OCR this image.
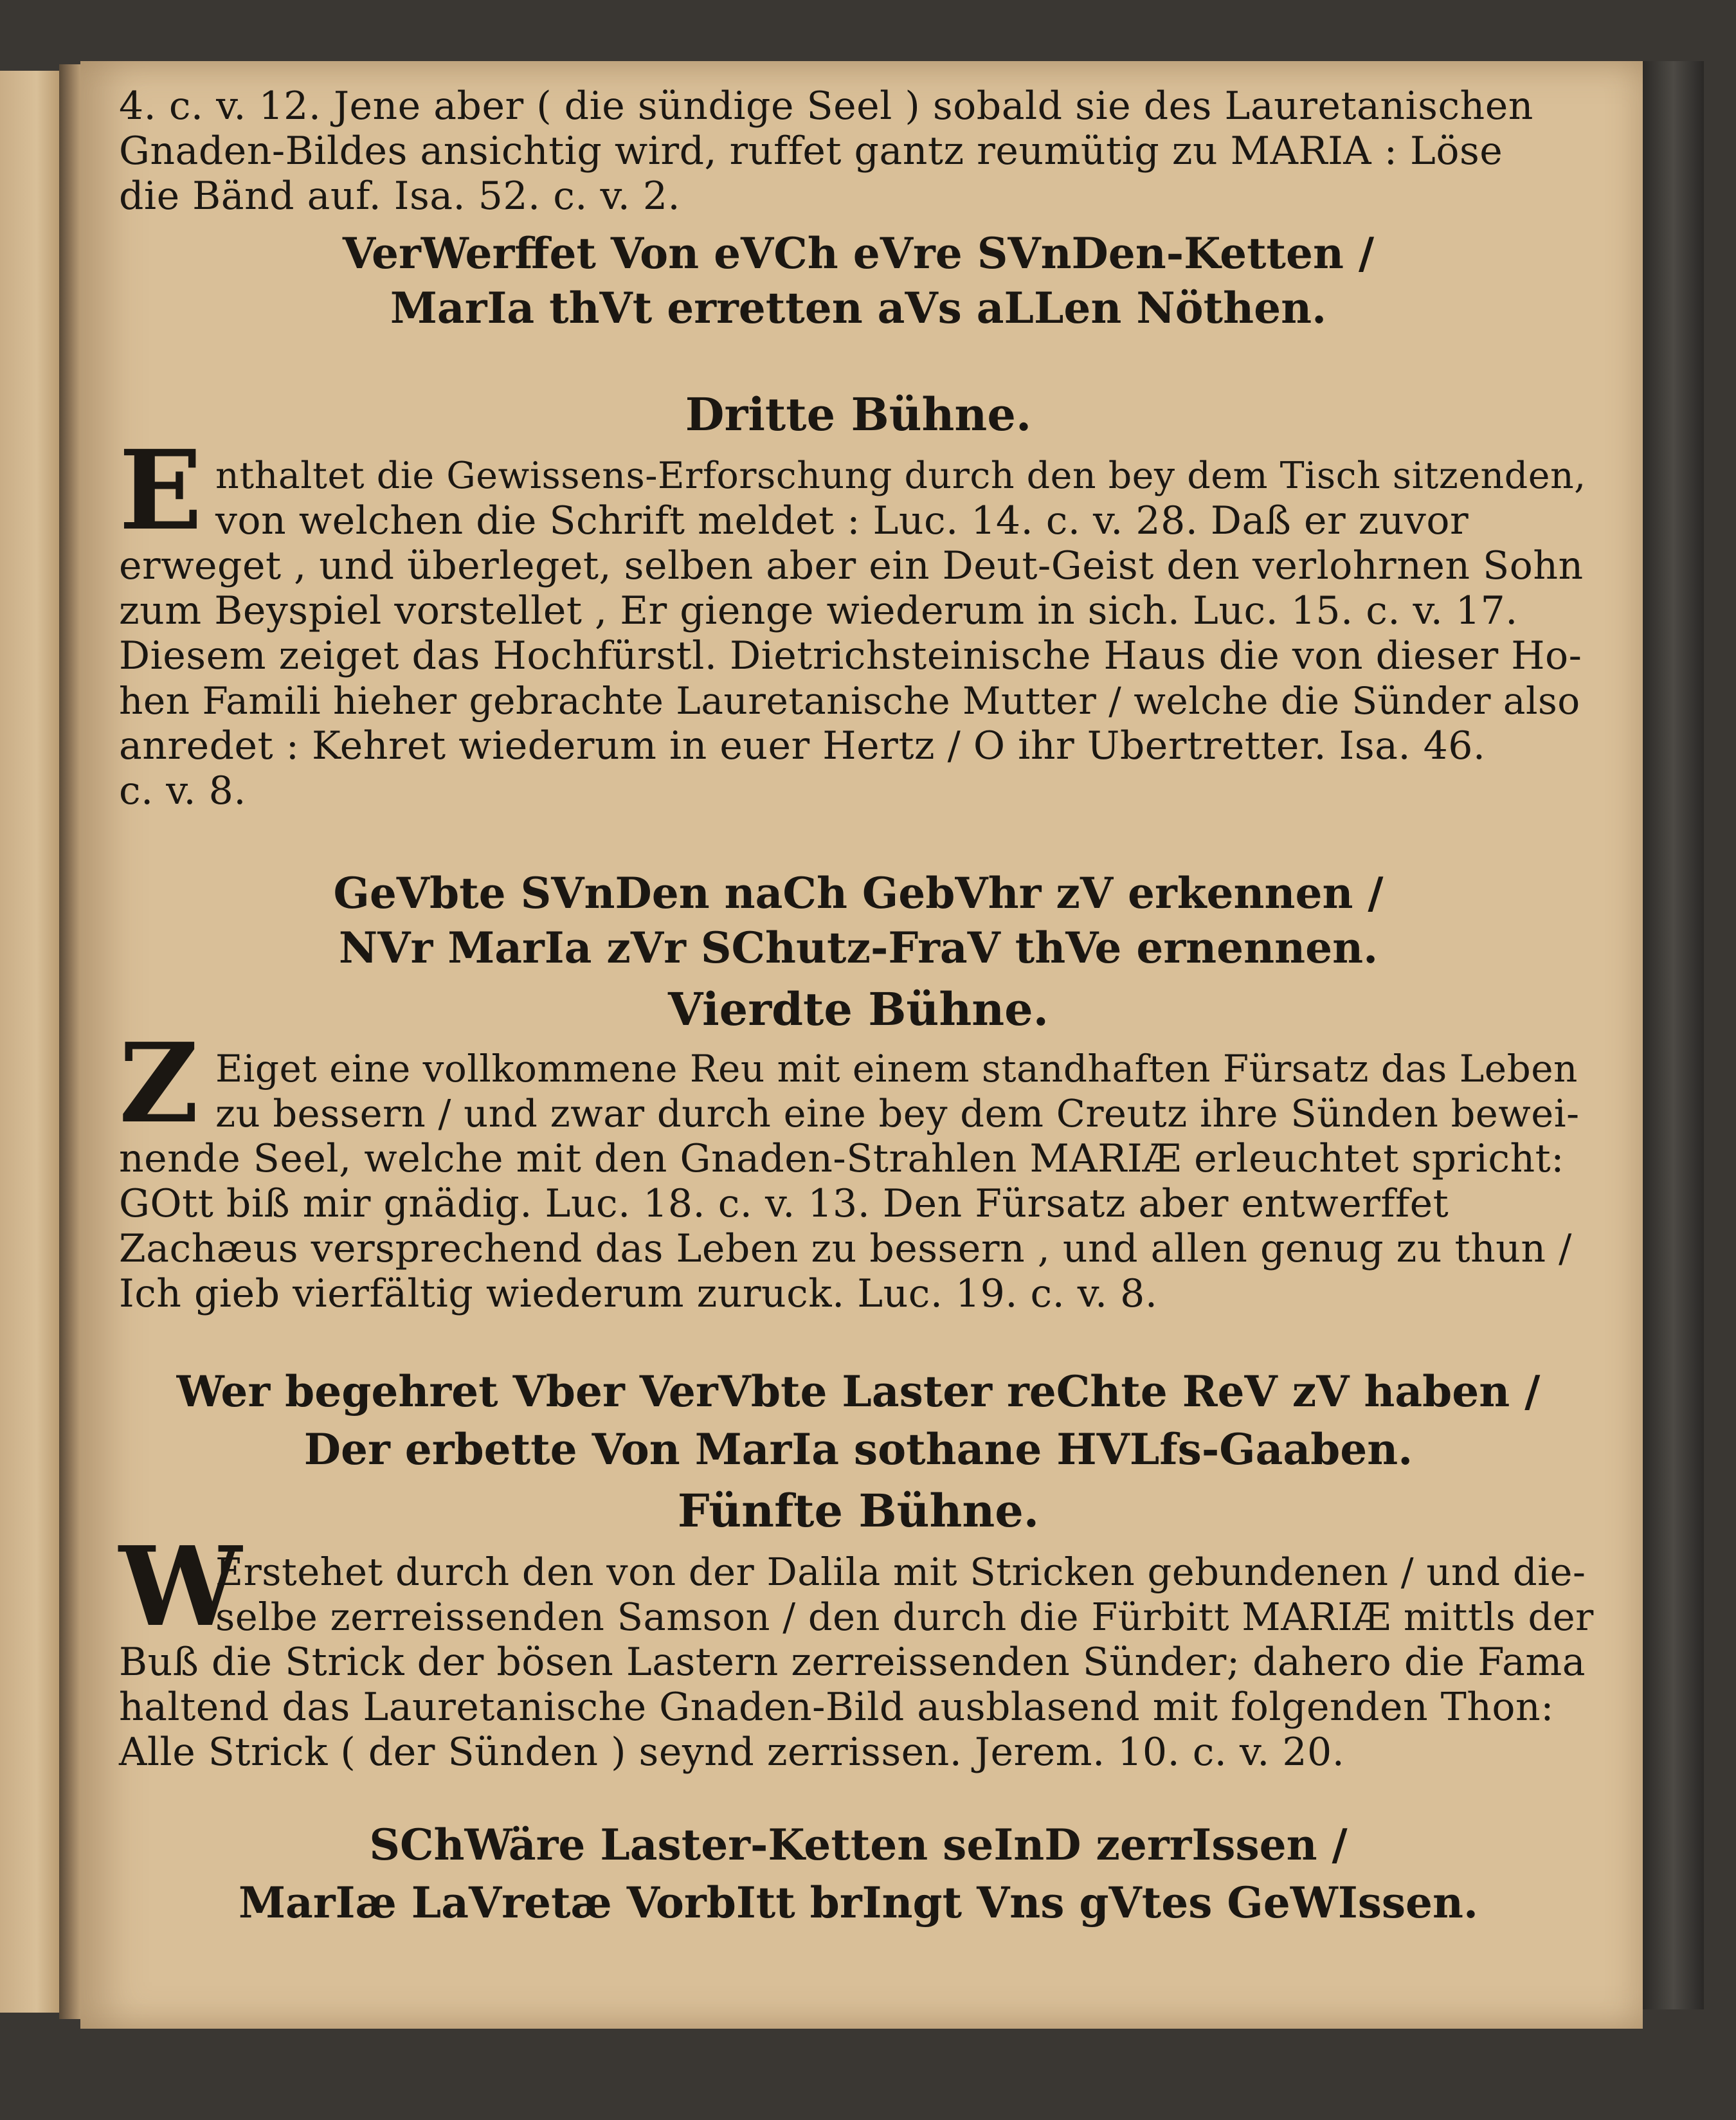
4. c. v. 12. Jene aber ( die sündige Seel ) sobald sie des Lauretanischen
Gnaden-Bildes ansichtig wird, ruffet gantz reumütig zu MARIA : Löse
die Bänd auf. Isa. 52. c. v. 2.
VerWerffet Von eVCh eVre SVnDen-Ketten /
MarIa thVt erretten aVs aLLen Nöthen.
Dritte Bühne.
E nthaltet die Gewissens-Erforschung durch den bey dem Tisch sitzenden,
von welchen die Schrift meldet : Luc. 14. c. v. 28. Daß er zuvor
erweget , und überleget, selben aber ein Deut-Geist den verlohrnen Sohn
zum Beyspiel vorstellet , Er gienge wiederum in sich. Luc. 15. c. v. 17.
Diesem zeiget das Hochfürstl. Dietrichsteinische Haus die von dieser Ho-
hen Famili hieher gebrachte Lauretanische Mutter / welche die Sünder also
anredet : Kehret wiederum in euer Hertz / O ihr Ubertretter. Isa. 46.
c. v. 8.
GeVbte SVnDen naCh GebVhr zV erkennen /
NVr MarIa zVr SChutz-FraV thVe ernennen.
Vierdte Bühne.
Z Eiget eine vollkommene Reu mit einem standhaften Fürsatz das Leben
zu bessern / und zwar durch eine bey dem Creutz ihre Sünden bewei-
nende Seel, welche mit den Gnaden-Strahlen MARIÆ erleuchtet spricht:
GOtt biß mir gnädig. Luc. 18. c. v. 13. Den Fürsatz aber entwerffet
Zachæus versprechend das Leben zu bessern , und allen genug zu thun /
Ich gieb vierfältig wiederum zuruck. Luc. 19. c. v. 8.
Wer begehret Vber VerVbte Laster reChte ReV zV haben /
Der erbette Von MarIa sothane HVLfs-Gaaben.
Fünfte Bühne.
W
Erstehet durch den von der Dalila mit Stricken gebundenen / und die-
selbe zerreissenden Samson / den durch die Fürbitt MARIÆ mittls der
Buß die Strick der bösen Lastern zerreissenden Sünder; dahero die Fama
haltend das Lauretanische Gnaden-Bild ausblasend mit folgenden Thon:
Alle Strick ( der Sünden ) seynd zerrissen. Jerem. 10. c. v. 20.
SChWäre Laster-Ketten seInD zerrIssen /
MarIæ LaVretæ VorbItt brIngt Vns gVtes GeWIssen.
